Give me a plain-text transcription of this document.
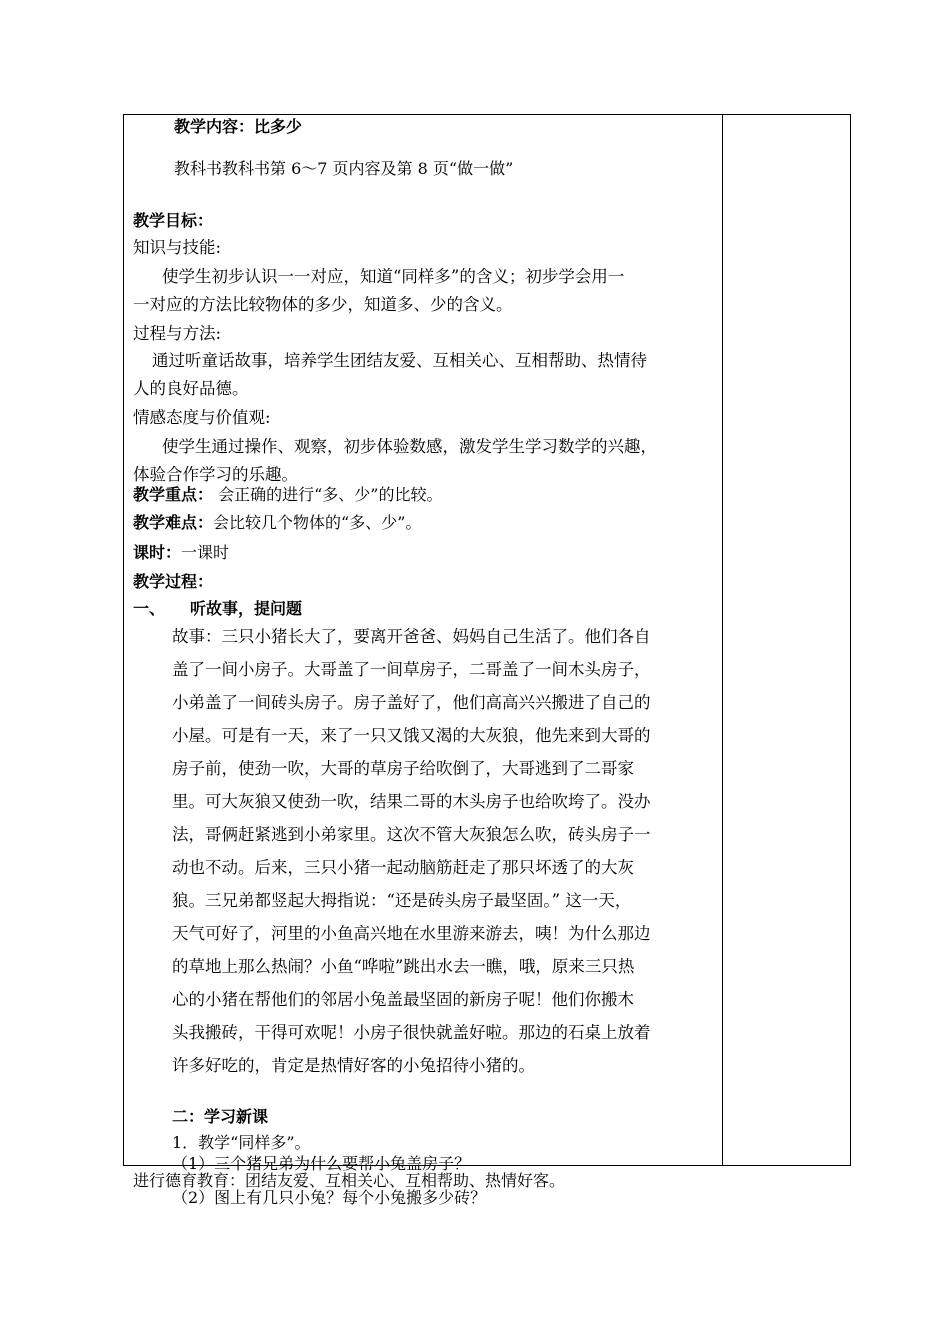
教学内容：比多少
教科书教科书第 6～7 页内容及第 8 页“做一做”
教学目标：
知识与技能:
使学生初步认识一一对应，知道“同样多”的含义；初步学会用一
一对应的方法比较物体的多少，知道多、少的含义。
过程与方法:
通过听童话故事，培养学生团结友爱、互相关心、互相帮助、热情待
人的良好品德。
情感态度与价值观:
使学生通过操作、观察，初步体验数感，激发学生学习数学的兴趣，
体验合作学习的乐趣。
教学重点： 会正确的进行“多、少”的比较。
教学难点：会比较几个物体的“多、少”。
课时：一课时
教学过程：
一、 听故事，提问题
故事：三只小猪长大了，要离开爸爸、妈妈自己生活了。他们各自
盖了一间小房子。大哥盖了一间草房子，二哥盖了一间木头房子，
小弟盖了一间砖头房子。房子盖好了，他们高高兴兴搬进了自己的
小屋。可是有一天，来了一只又饿又渴的大灰狼，他先来到大哥的
房子前，使劲一吹，大哥的草房子给吹倒了，大哥逃到了二哥家
里。可大灰狼又使劲一吹，结果二哥的木头房子也给吹垮了。没办
法，哥俩赶紧逃到小弟家里。这次不管大灰狼怎么吹，砖头房子一
动也不动。后来，三只小猪一起动脑筋赶走了那只坏透了的大灰
狼。三兄弟都竖起大拇指说：“还是砖头房子最坚固。” 这一天，
天气可好了，河里的小鱼高兴地在水里游来游去，咦！为什么那边
的草地上那么热闹？小鱼“哗啦”跳出水去一瞧，哦，原来三只热
心的小猪在帮他们的邻居小兔盖最坚固的新房子呢！他们你搬木
头我搬砖，干得可欢呢！小房子很快就盖好啦。那边的石桌上放着
许多好吃的，肯定是热情好客的小兔招待小猪的。
二：学习新课
1．教学“同样多”。
（1）三个猪兄弟为什么要帮小兔盖房子？
进行德育教育：团结友爱、互相关心、互相帮助、热情好客。
（2）图上有几只小兔？每个小兔搬多少砖？
